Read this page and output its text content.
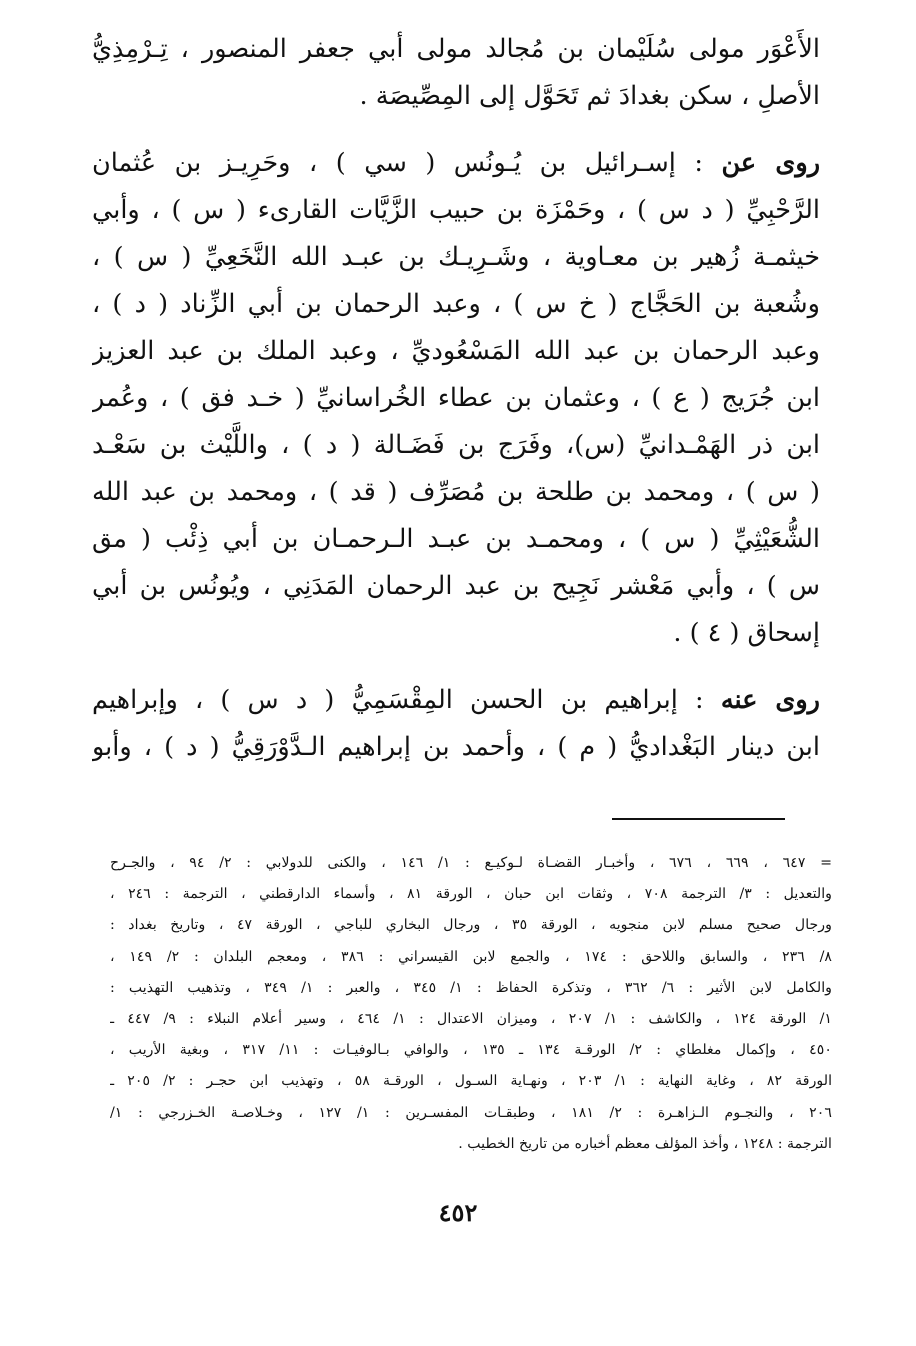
الأَعْوَر مولى سُلَيْمان بن مُجالد مولى أبي جعفر المنصور ، تِـرْمِذِيُّ
الأصلِ ، سكن بغدادَ ثم تَحَوَّل إلى المِصِّيصَة .
روى عن : إسـرائيل بن يُـونُس ( سي ) ، وحَرِيـز بن عُثمان
الرَّحْبِيِّ ( د س ) ، وحَمْزَة بن حبيب الزَّيَّات القارىء ( س ) ، وأبي
خيثمـة زُهير بن معـاوية ، وشَـرِيـك بن عبـد الله النَّخَعِيِّ ( س ) ،
وشُعبة بن الحَجَّاج ( خ س ) ، وعبد الرحمان بن أبي الزِّناد ( د ) ،
وعبد الرحمان بن عبد الله المَسْعُوديِّ ، وعبد الملك بن عبد العزيز
ابن جُرَيج ( ع ) ، وعثمان بن عطاء الخُراسانيِّ ( خـد فق ) ، وعُمر
ابن ذر الهَمْـدانيِّ (س)، وفَرَج بن فَضَـالة ( د ) ، واللَّيْث بن سَعْـد
( س ) ، ومحمد بن طلحة بن مُصَرِّف ( قد ) ، ومحمد بن عبد الله
الشُّعَيْثِيِّ ( س ) ، ومحمـد بن عبـد الـرحمـان بن أبي ذِئْب ( مق
س ) ، وأبي مَعْشر نَجِيح بن عبد الرحمان المَدَنِي ، ويُونُس بن أبي
إسحاق ( ٤ ) .
روى عنه : إبراهيم بن الحسن المِقْسَمِيُّ ( د س ) ، وإبراهيم
ابن دينار البَغْداديُّ ( م ) ، وأحمد بن إبراهيم الـدَّوْرَقِيُّ ( د ) ، وأبو
= ٦٤٧ ، ٦٦٩ ، ٦٧٦ ، وأخبـار القضـاة لـوكيـع : ١/ ١٤٦ ، والكنى للدولابي : ٢/ ٩٤ ، والجـرح
والتعديل : ٣/ الترجمة ٧٠٨ ، وثقات ابن حبان ، الورقة ٨١ ، وأسماء الدارقطني ، الترجمة : ٢٤٦ ،
ورجال صحيح مسلم لابن منجويه ، الورقة ٣٥ ، ورجال البخاري للباجي ، الورقة ٤٧ ، وتاريخ بغداد :
٨/ ٢٣٦ ، والسابق واللاحق : ١٧٤ ، والجمع لابن القيسراني : ٣٨٦ ، ومعجم البلدان : ٢/ ١٤٩ ،
والكامل لابن الأثير : ٦/ ٣٦٢ ، وتذكرة الحفاظ : ١/ ٣٤٥ ، والعبر : ١/ ٣٤٩ ، وتذهيب التهذيب :
١/ الورقة ١٢٤ ، والكاشف : ١/ ٢٠٧ ، وميزان الاعتدال : ١/ ٤٦٤ ، وسير أعلام النبلاء : ٩/ ٤٤٧ ـ
٤٥٠ ، وإكمال مغلطاي : ٢/ الورقـة ١٣٤ ـ ١٣٥ ، والوافي بـالوفيـات : ١١/ ٣١٧ ، وبغية الأريب ،
الورقة ٨٢ ، وغاية النهاية : ١/ ٢٠٣ ، ونهـاية السـول ، الورقـة ٥٨ ، وتهذيب ابن حجـر : ٢/ ٢٠٥ ـ
٢٠٦ ، والنجـوم الـزاهـرة : ٢/ ١٨١ ، وطبقـات المفسـرين : ١/ ١٢٧ ، وخـلاصـة الخـزرجي : ١/
الترجمة : ١٢٤٨ ، وأخذ المؤلف معظم أخباره من تاريخ الخطيب .
٤٥٢
